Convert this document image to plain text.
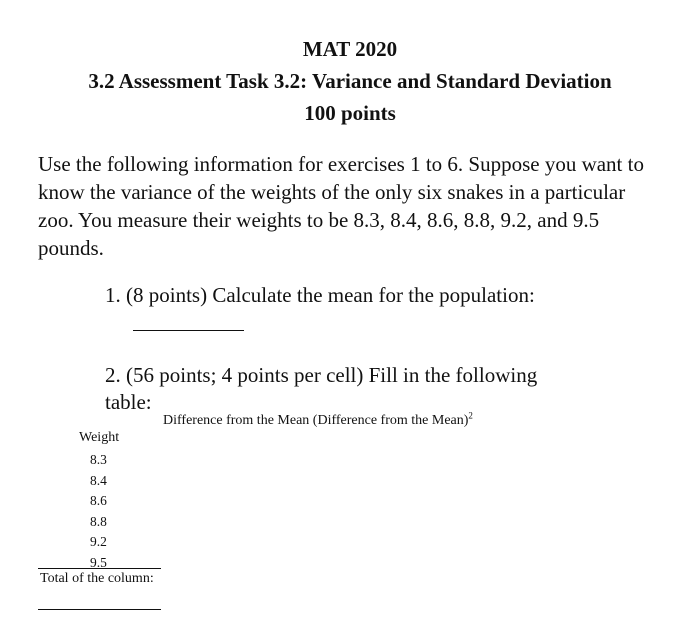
MAT 2020
3.2 Assessment Task 3.2: Variance and Standard Deviation
100 points
Use the following information for exercises 1 to 6. Suppose you want to know the variance of the weights of the only six snakes in a particular zoo. You measure their weights to be 8.3, 8.4, 8.6, 8.8, 9.2, and 9.5 pounds.
1. (8 points) Calculate the mean for the population:
2. (56 points; 4 points per cell) Fill in the following table:
Difference from the Mean (Difference from the Mean)$^2$
Weight
8.3
8.4
8.6
8.8
9.2
9.5
Total of the column:
